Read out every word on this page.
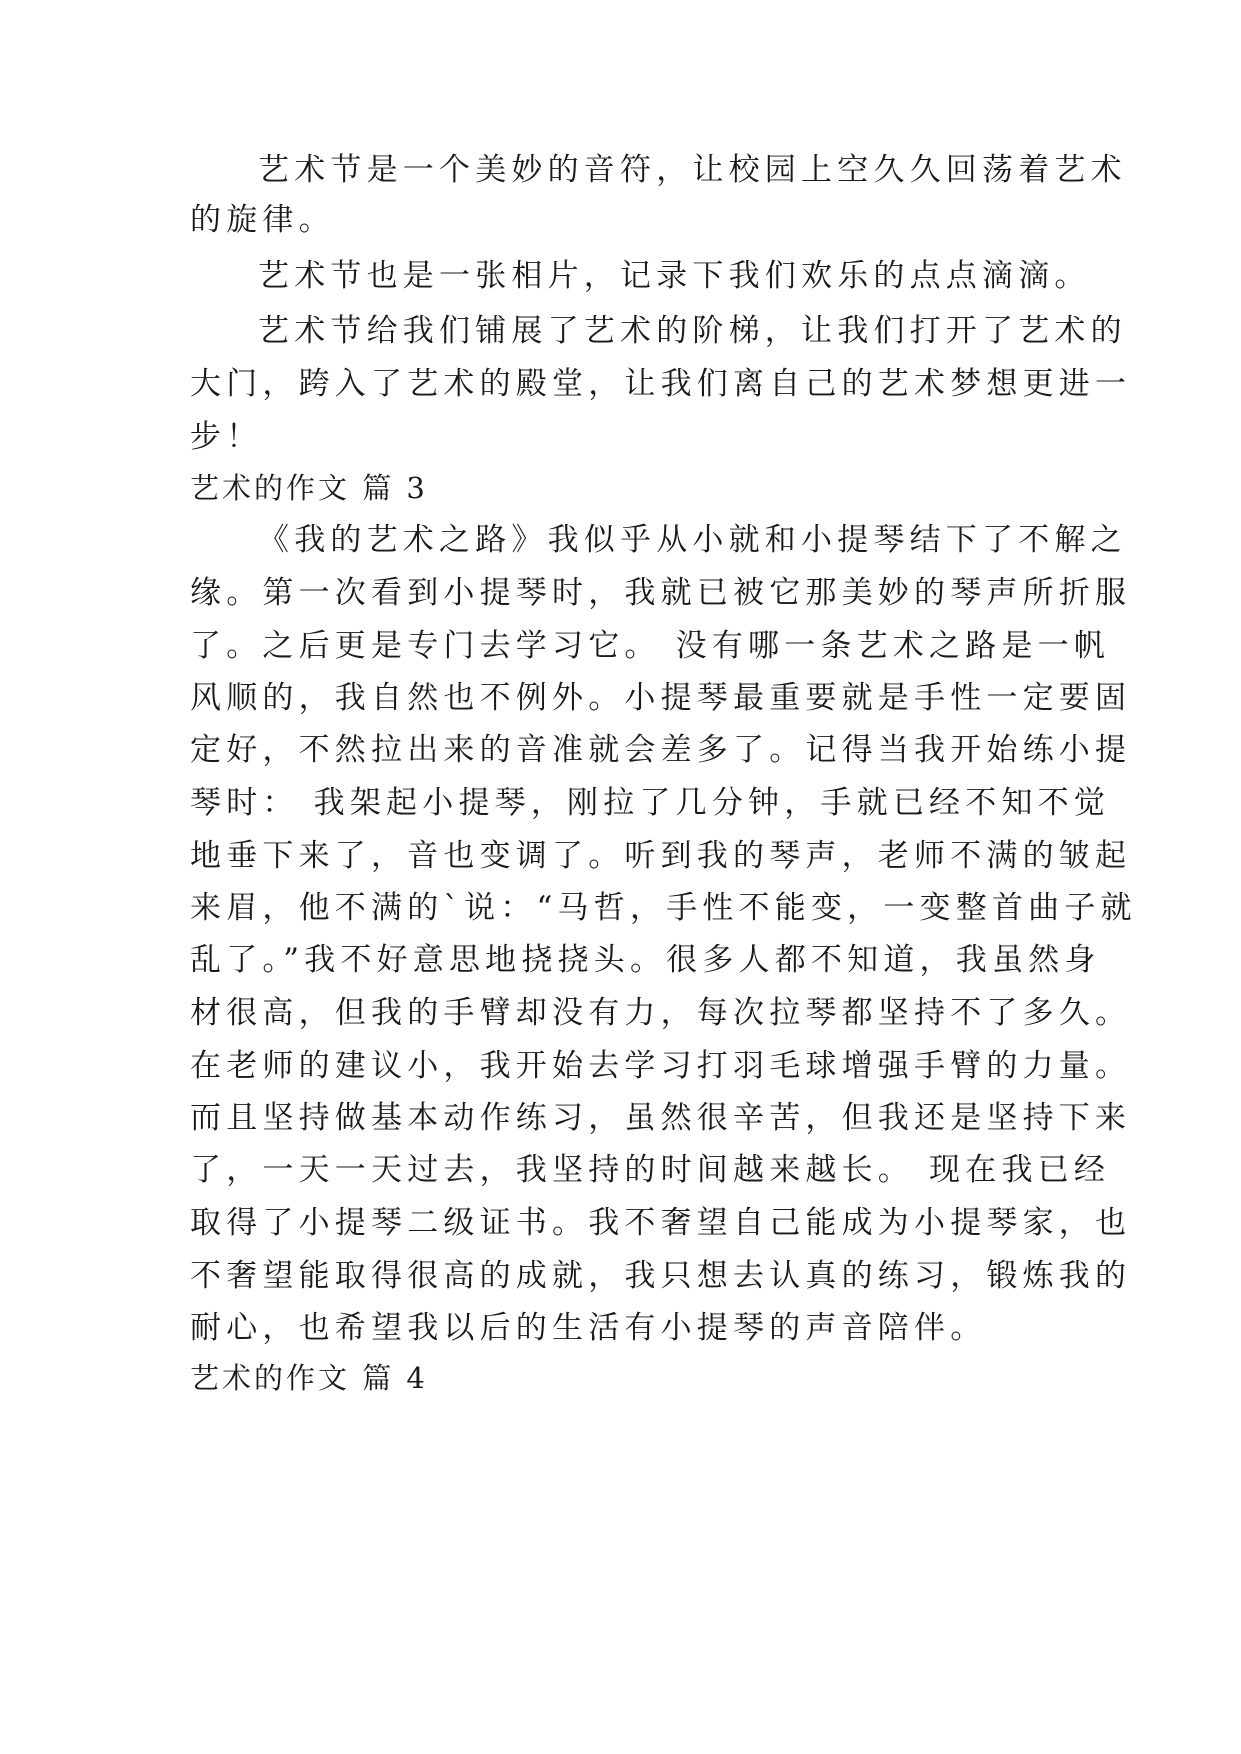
艺术节是一个美妙的音符，让校园上空久久回荡着艺术
的旋律。
艺术节也是一张相片，记录下我们欢乐的点点滴滴。
艺术节给我们铺展了艺术的阶梯，让我们打开了艺术的
大门，跨入了艺术的殿堂，让我们离自己的艺术梦想更进一
步！
艺术的作文 篇 3
《我的艺术之路》我似乎从小就和小提琴结下了不解之
缘。第一次看到小提琴时，我就已被它那美妙的琴声所折服
了。之后更是专门去学习它。 没有哪一条艺术之路是一帆
风顺的，我自然也不例外。小提琴最重要就是手性一定要固
定好，不然拉出来的音准就会差多了。记得当我开始练小提
琴时： 我架起小提琴，刚拉了几分钟，手就已经不知不觉
地垂下来了，音也变调了。听到我的琴声，老师不满的皱起
来眉，他不满的`说：“马哲，手性不能变，一变整首曲子就
乱了。”我不好意思地挠挠头。很多人都不知道，我虽然身
材很高，但我的手臂却没有力，每次拉琴都坚持不了多久。
在老师的建议小，我开始去学习打羽毛球增强手臂的力量。
而且坚持做基本动作练习，虽然很辛苦，但我还是坚持下来
了，一天一天过去，我坚持的时间越来越长。 现在我已经
取得了小提琴二级证书。我不奢望自己能成为小提琴家，也
不奢望能取得很高的成就，我只想去认真的练习，锻炼我的
耐心，也希望我以后的生活有小提琴的声音陪伴。
艺术的作文 篇 4
